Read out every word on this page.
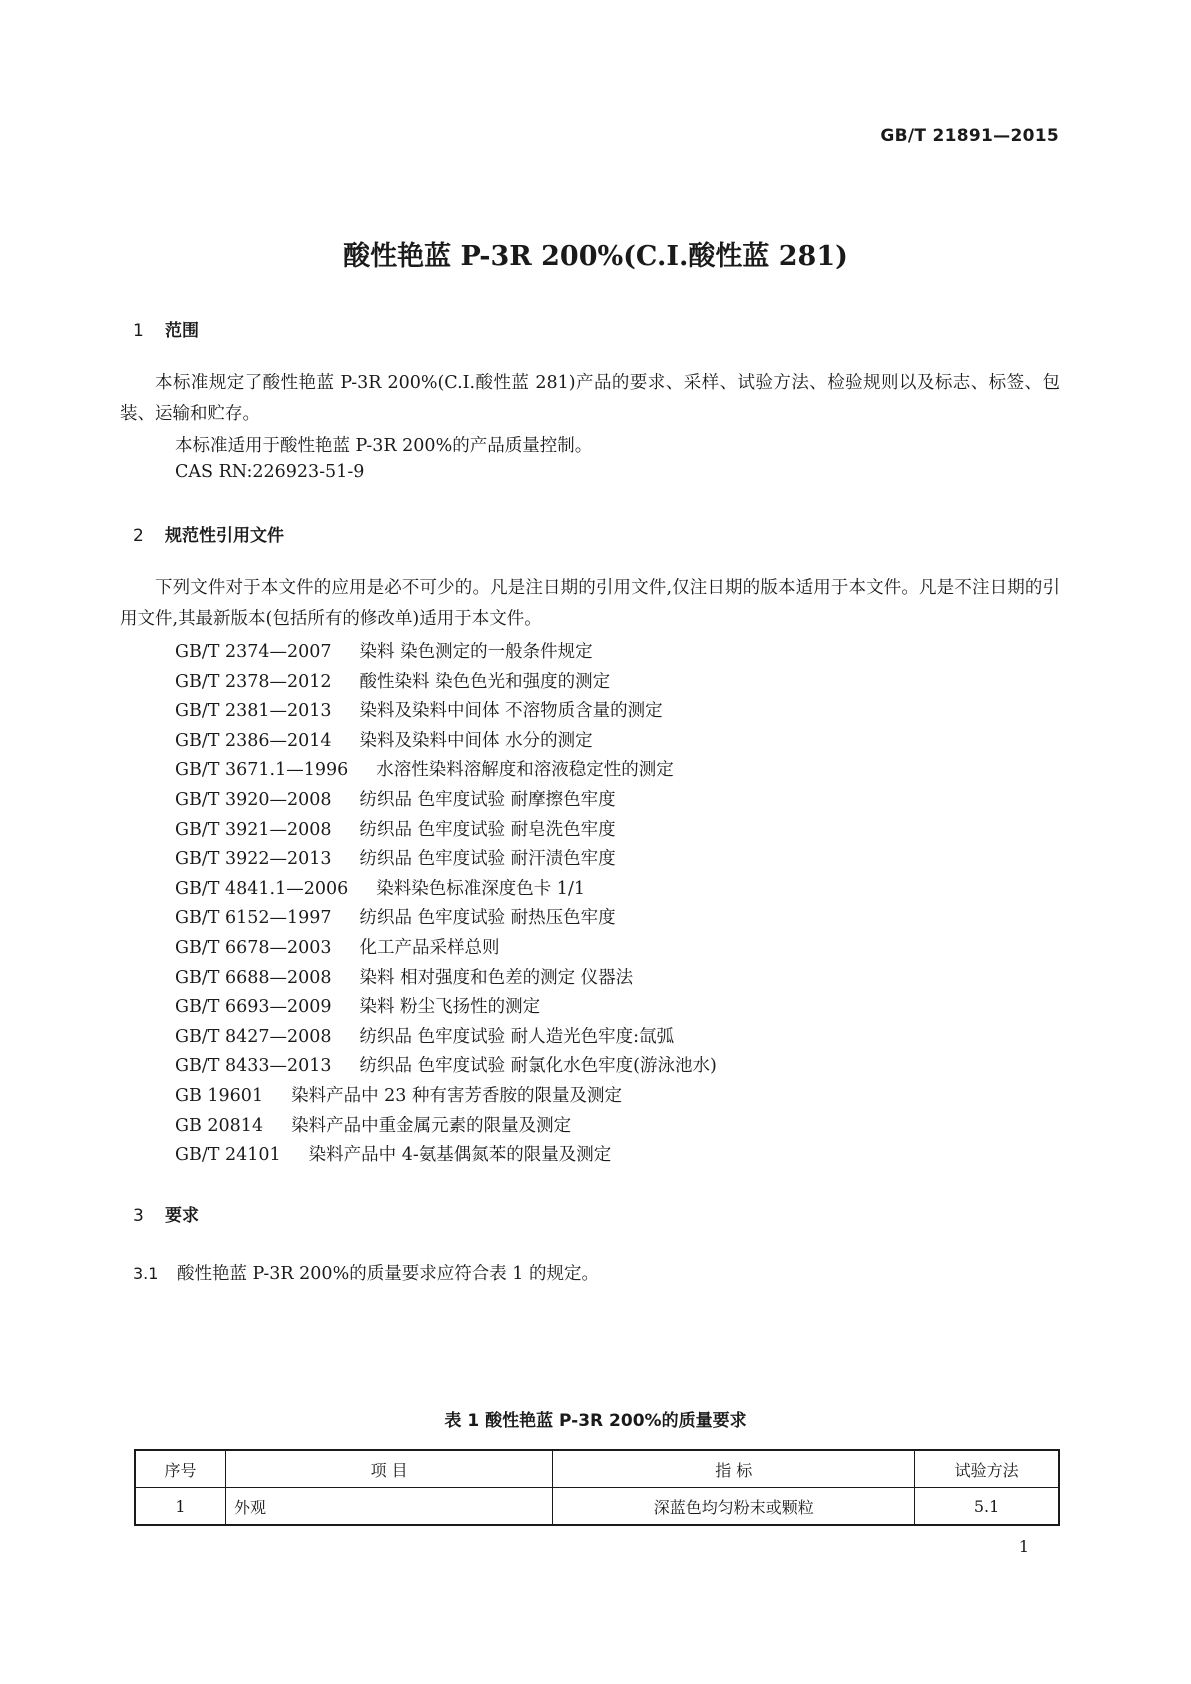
GB/T 21891—2015
酸性艳蓝 P-3R 200%(C.I.酸性蓝 281)
1 范围
本标准规定了酸性艳蓝 P-3R 200%(C.I.酸性蓝 281)产品的要求、采样、试验方法、检验规则以及标志、标签、包装、运输和贮存。
本标准适用于酸性艳蓝 P-3R 200%的产品质量控制。
CAS RN:226923-51-9
2 规范性引用文件
下列文件对于本文件的应用是必不可少的。凡是注日期的引用文件,仅注日期的版本适用于本文件。凡是不注日期的引用文件,其最新版本(包括所有的修改单)适用于本文件。
GB/T 2374—2007 染料 染色测定的一般条件规定
GB/T 2378—2012 酸性染料 染色色光和强度的测定
GB/T 2381—2013 染料及染料中间体 不溶物质含量的测定
GB/T 2386—2014 染料及染料中间体 水分的测定
GB/T 3671.1—1996 水溶性染料溶解度和溶液稳定性的测定
GB/T 3920—2008 纺织品 色牢度试验 耐摩擦色牢度
GB/T 3921—2008 纺织品 色牢度试验 耐皂洗色牢度
GB/T 3922—2013 纺织品 色牢度试验 耐汗渍色牢度
GB/T 4841.1—2006 染料染色标准深度色卡 1/1
GB/T 6152—1997 纺织品 色牢度试验 耐热压色牢度
GB/T 6678—2003 化工产品采样总则
GB/T 6688—2008 染料 相对强度和色差的测定 仪器法
GB/T 6693—2009 染料 粉尘飞扬性的测定
GB/T 8427—2008 纺织品 色牢度试验 耐人造光色牢度:氙弧
GB/T 8433—2013 纺织品 色牢度试验 耐氯化水色牢度(游泳池水)
GB 19601 染料产品中 23 种有害芳香胺的限量及测定
GB 20814 染料产品中重金属元素的限量及测定
GB/T 24101 染料产品中 4-氨基偶氮苯的限量及测定
3 要求
3.1 酸性艳蓝 P-3R 200%的质量要求应符合表 1 的规定。
表 1 酸性艳蓝 P-3R 200%的质量要求
序号	项 目	指 标	试验方法
1	外观	深蓝色均匀粉末或颗粒	5.1
1
